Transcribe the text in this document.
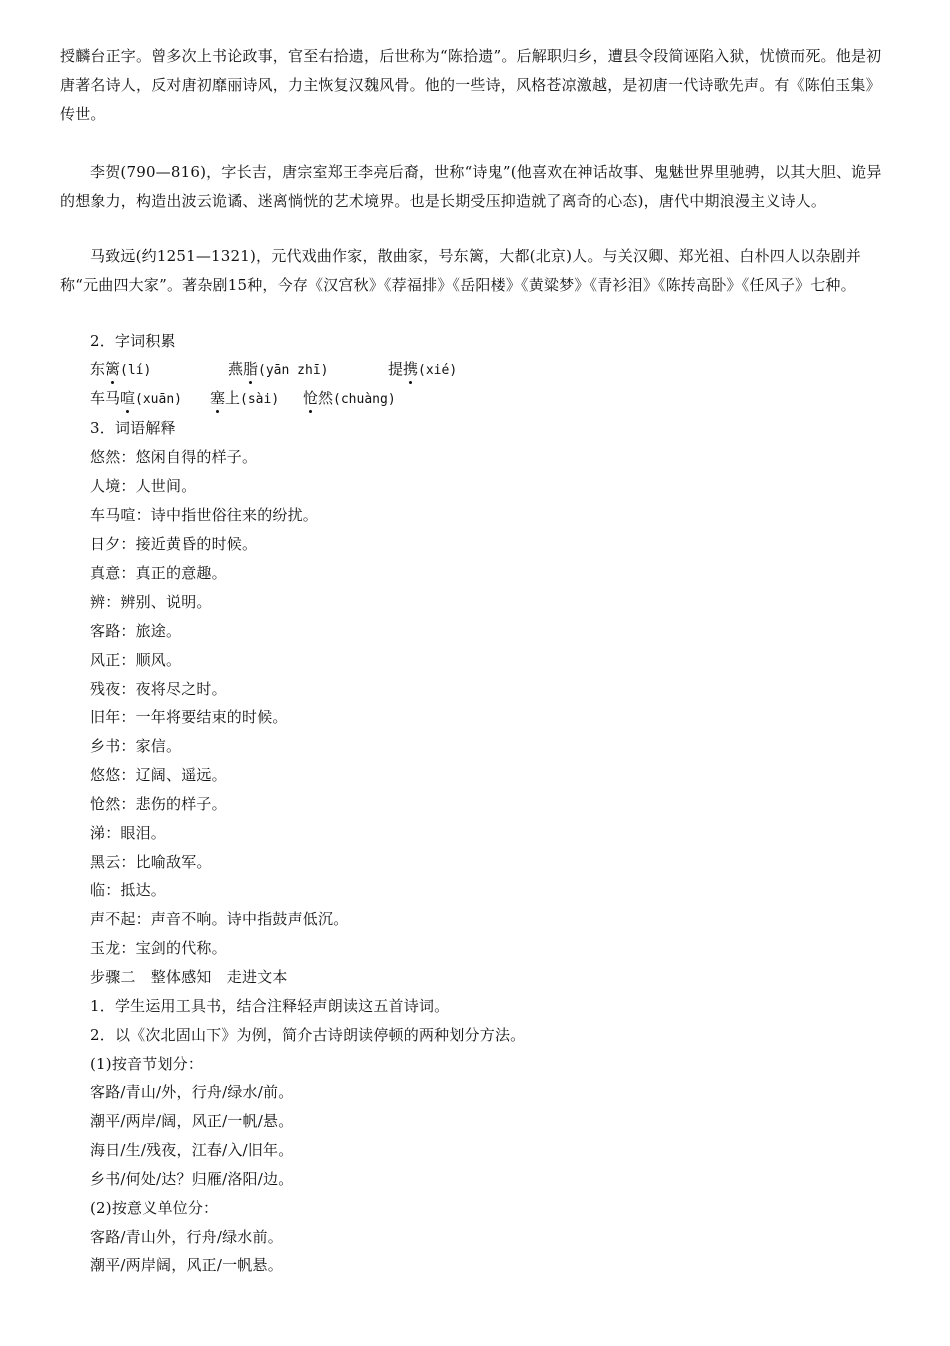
授麟台正字。曾多次上书论政事，官至右拾遗，后世称为“陈拾遗”。后解职归乡，遭县令段简诬陷入狱，忧愤而死。他是初唐著名诗人，反对唐初靡丽诗风，力主恢复汉魏风骨。他的一些诗，风格苍凉激越，是初唐一代诗歌先声。有《陈伯玉集》传世。

李贺(790—816)，字长吉，唐宗室郑王李亮后裔，世称“诗鬼”(他喜欢在神话故事、鬼魅世界里驰骋，以其大胆、诡异的想象力，构造出波云诡谲、迷离惝恍的艺术境界。也是长期受压抑造就了离奇的心态)，唐代中期浪漫主义诗人。

马致远(约1251—1321)，元代戏曲作家，散曲家，号东篱，大都(北京)人。与关汉卿、郑光祖、白朴四人以杂剧并称“元曲四大家”。著杂剧15种，今存《汉宫秋》《荐福排》《岳阳楼》《黄粱梦》《青衫泪》《陈抟高卧》《任风子》七种。

2．字词积累
东篱(lí)	燕脂(yān zhī)	提携(xié)
车马喧(xuān) 塞上(sài) 怆然(chuàng)
3．词语解释
悠然：悠闲自得的样子。
人境：人世间。
车马喧：诗中指世俗往来的纷扰。
日夕：接近黄昏的时候。
真意：真正的意趣。
辨：辨别、说明。
客路：旅途。
风正：顺风。
残夜：夜将尽之时。
旧年：一年将要结束的时候。
乡书：家信。
悠悠：辽阔、遥远。
怆然：悲伤的样子。
涕：眼泪。
黑云：比喻敌军。
临：抵达。
声不起：声音不响。诗中指鼓声低沉。
玉龙：宝剑的代称。
步骤二　整体感知　走进文本
1．学生运用工具书，结合注释轻声朗读这五首诗词。
2．以《次北固山下》为例，简介古诗朗读停顿的两种划分方法。
(1)按音节划分：
客路/青山/外，行舟/绿水/前。
潮平/两岸/阔，风正/一帆/悬。
海日/生/残夜，江春/入/旧年。
乡书/何处/达？归雁/洛阳/边。
(2)按意义单位分：
客路/青山外，行舟/绿水前。
潮平/两岸阔，风正/一帆悬。
